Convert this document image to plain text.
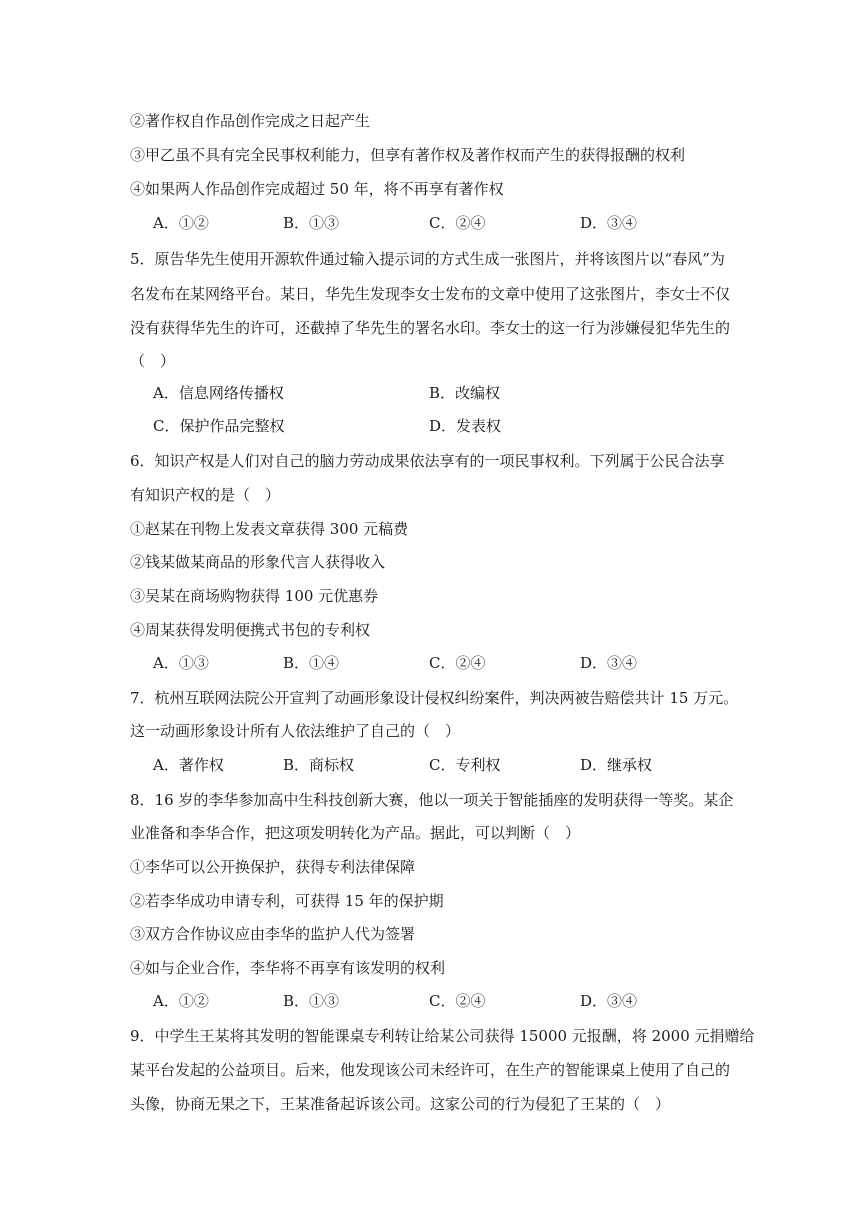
②著作权自作品创作完成之日起产生
③甲乙虽不具有完全民事权利能力，但享有著作权及著作权而产生的获得报酬的权利
④如果两人作品创作完成超过 50 年，将不再享有著作权
A．①②	B．①③	C．②④	D．③④
5．原告华先生使用开源软件通过输入提示词的方式生成一张图片，并将该图片以“春风”为
名发布在某网络平台。某日，华先生发现李女士发布的文章中使用了这张图片，李女士不仅
没有获得华先生的许可，还截掉了华先生的署名水印。李女士的这一行为涉嫌侵犯华先生的
（　）
A．信息网络传播权	B．改编权
C．保护作品完整权	D．发表权
6．知识产权是人们对自己的脑力劳动成果依法享有的一项民事权利。下列属于公民合法享
有知识产权的是（　）
①赵某在刊物上发表文章获得 300 元稿费
②钱某做某商品的形象代言人获得收入
③吴某在商场购物获得 100 元优惠券
④周某获得发明便携式书包的专利权
A．①③	B．①④	C．②④	D．③④
7．杭州互联网法院公开宣判了动画形象设计侵权纠纷案件，判决两被告赔偿共计 15 万元。
这一动画形象设计所有人依法维护了自己的（　）
A．著作权	B．商标权	C．专利权	D．继承权
8．16 岁的李华参加高中生科技创新大赛，他以一项关于智能插座的发明获得一等奖。某企
业准备和李华合作，把这项发明转化为产品。据此，可以判断（　）
①李华可以公开换保护，获得专利法律保障
②若李华成功申请专利，可获得 15 年的保护期
③双方合作协议应由李华的监护人代为签署
④如与企业合作，李华将不再享有该发明的权利
A．①②	B．①③	C．②④	D．③④
9．中学生王某将其发明的智能课桌专利转让给某公司获得 15000 元报酬，将 2000 元捐赠给
某平台发起的公益项目。后来，他发现该公司未经许可，在生产的智能课桌上使用了自己的
头像，协商无果之下，王某准备起诉该公司。这家公司的行为侵犯了王某的（　）
